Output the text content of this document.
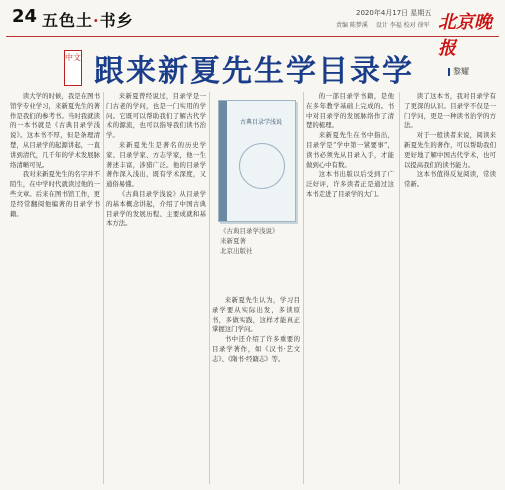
24 五色土·书乡	2020年4月17日 星期五
责编 陈梦溪 设计 李福 校对 徐军 北京晚报
中文 跟来新夏先生学目录学	黎耀

读大学的时候，我是在图书馆学专业学习，来新夏先生的著作是我们的参考书。当时我就读的一本书就是《古典目录学浅说》。这本书不厚，但是条理清楚，从目录学的起源讲起，一直讲到清代，几千年的学术发展脉络清晰可见。

我对来新夏先生的名字并不陌生，在中学时代就读过他的一些文章。后来在图书馆工作，更是经常翻阅他编著的目录学书籍。

来新夏曾经说过，目录学是一门古老的学问，也是一门实用的学问。它既可以帮助我们了解古代学术的源流，也可以指导我们读书治学。

来新夏先生是著名的历史学家、目录学家、方志学家，他一生著述丰富，涉猎广泛。他的目录学著作深入浅出，既有学术深度，又通俗易懂。

《古典目录学浅说》从目录学的基本概念讲起，介绍了中国古典目录学的发展历程、主要成就和基本方法。

古典目录学浅说
《古典目录学浅说》
来新夏著
北京出版社

来新夏先生认为，学习目录学要从实际出发，多读原书，多做实践，这样才能真正掌握这门学问。

书中还介绍了许多重要的目录学著作，如《汉书·艺文志》、《隋书·经籍志》等。

的一部目录学书籍，是他在多年教学基础上完成的。书中对目录学的发展脉络作了清楚的梳理。

来新夏先生在书中指出，目录学是“学中第一紧要事”，读书必须先从目录入手，才能做到心中有数。

这本书出版以后受到了广泛好评，许多读者正是通过这本书走进了目录学的大门。

读了这本书，我对目录学有了更深的认识。目录学不仅是一门学问，更是一种读书治学的方法。

对于一般读者来说，阅读来新夏先生的著作，可以帮助我们更好地了解中国古代学术，也可以提高我们的读书能力。

这本书值得反复阅读，常读常新。
